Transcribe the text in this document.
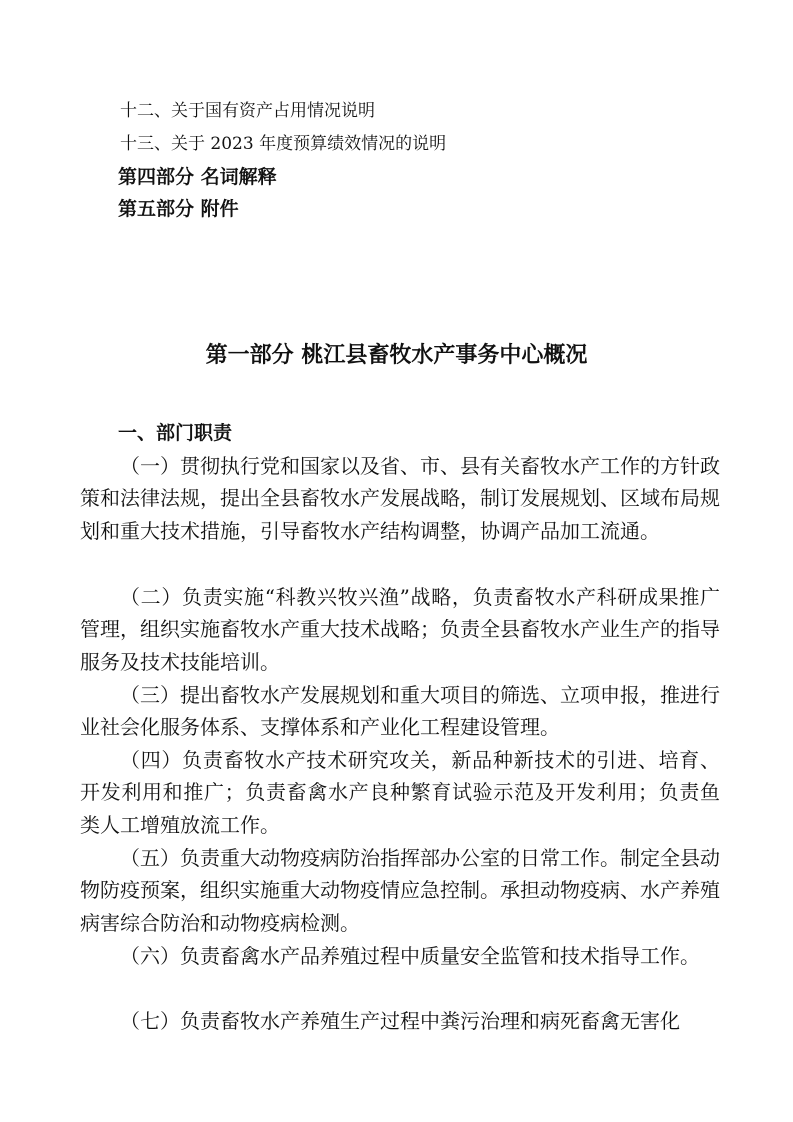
十二、关于国有资产占用情况说明
十三、关于 2023 年度预算绩效情况的说明
第四部分 名词解释
第五部分 附件
第一部分 桃江县畜牧水产事务中心概况
一、部门职责
（一）贯彻执行党和国家以及省、市、县有关畜牧水产工作的方针政策和法律法规，提出全县畜牧水产发展战略，制订发展规划、区域布局规划和重大技术措施，引导畜牧水产结构调整，协调产品加工流通。
（二）负责实施“科教兴牧兴渔”战略，负责畜牧水产科研成果推广管理，组织实施畜牧水产重大技术战略；负责全县畜牧水产业生产的指导服务及技术技能培训。
（三）提出畜牧水产发展规划和重大项目的筛选、立项申报，推进行业社会化服务体系、支撑体系和产业化工程建设管理。
（四）负责畜牧水产技术研究攻关，新品种新技术的引进、培育、 开发利用和推广；负责畜禽水产良种繁育试验示范及开发利用；负责鱼 类人工增殖放流工作。
（五）负责重大动物疫病防治指挥部办公室的日常工作。制定全县动物防疫预案，组织实施重大动物疫情应急控制。承担动物疫病、水产养殖病害综合防治和动物疫病检测。
（六）负责畜禽水产品养殖过程中质量安全监管和技术指导工作。
（七）负责畜牧水产养殖生产过程中粪污治理和病死畜禽无害化
